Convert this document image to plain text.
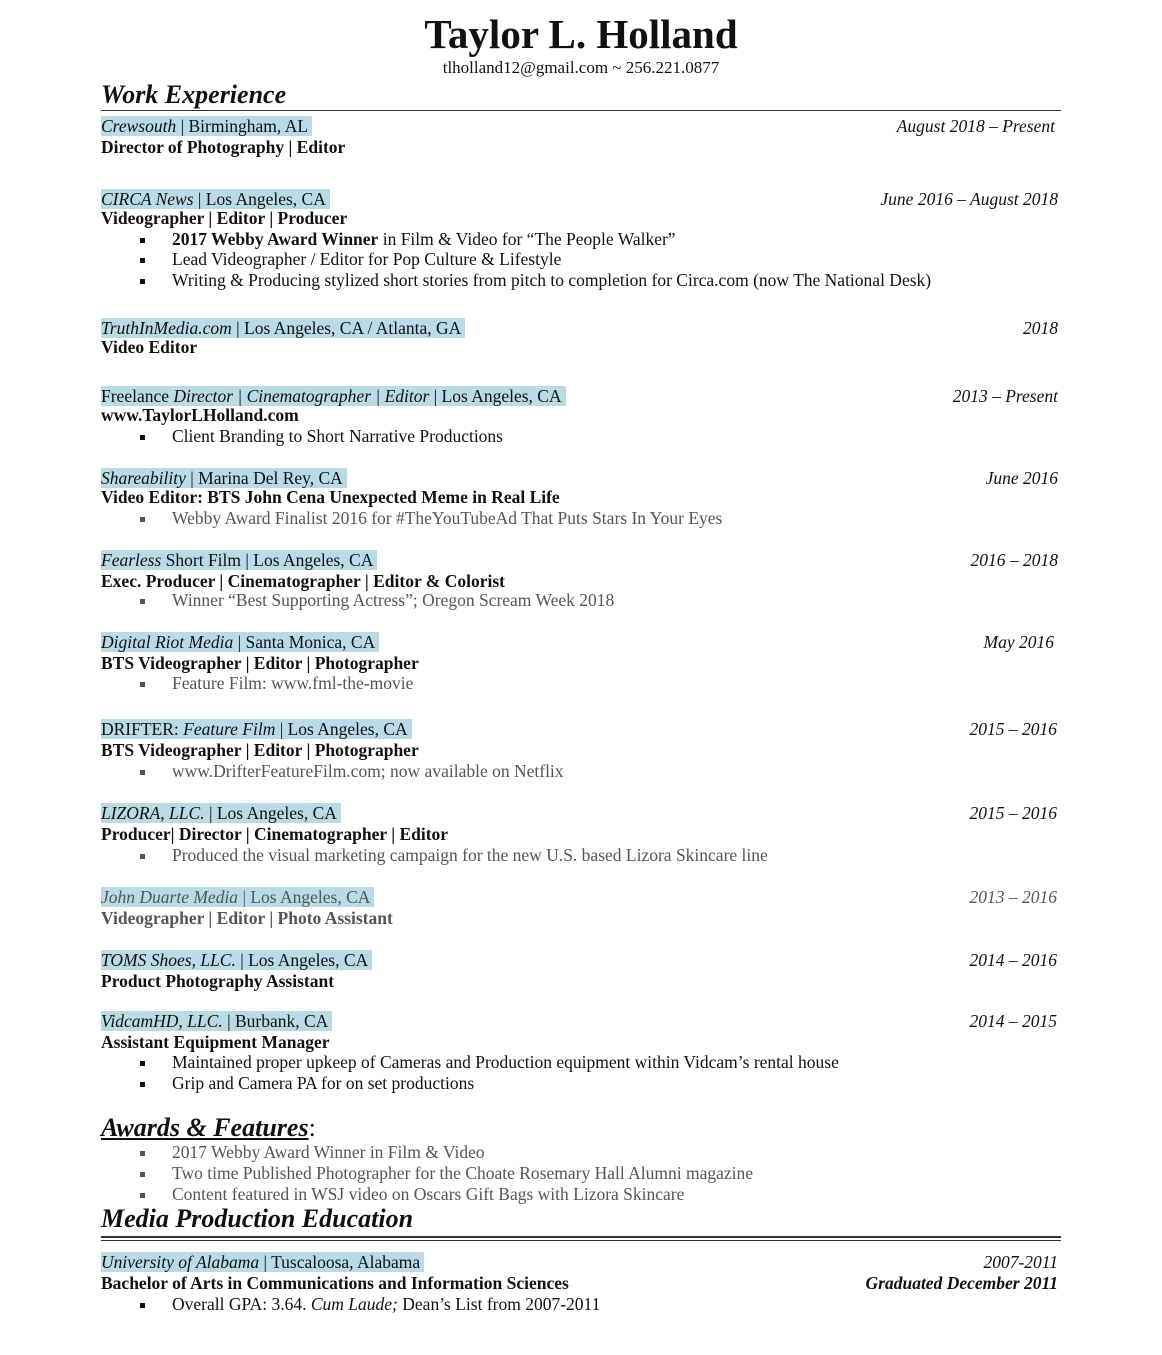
Taylor L. Holland
tlholland12@gmail.com ~ 256.221.0877
Work Experience
Crewsouth | Birmingham, AL	August 2018 – Present
Director of Photography | Editor
CIRCA News | Los Angeles, CA	June 2016 – August 2018
Videographer | Editor | Producer
2017 Webby Award Winner in Film & Video for “The People Walker”
Lead Videographer / Editor for Pop Culture & Lifestyle
Writing & Producing stylized short stories from pitch to completion for Circa.com (now The National Desk)
TruthInMedia.com | Los Angeles, CA / Atlanta, GA	2018
Video Editor
Freelance Director | Cinematographer | Editor | Los Angeles, CA	2013 – Present
www.TaylorLHolland.com
Client Branding to Short Narrative Productions
Shareability | Marina Del Rey, CA	June 2016
Video Editor: BTS John Cena Unexpected Meme in Real Life
Webby Award Finalist 2016 for #TheYouTubeAd That Puts Stars In Your Eyes
Fearless Short Film | Los Angeles, CA	2016 – 2018
Exec. Producer | Cinematographer | Editor & Colorist
Winner “Best Supporting Actress”; Oregon Scream Week 2018
Digital Riot Media | Santa Monica, CA	May 2016
BTS Videographer | Editor | Photographer
Feature Film: www.fml-the-movie
DRIFTER: Feature Film | Los Angeles, CA	2015 – 2016
BTS Videographer | Editor | Photographer
www.DrifterFeatureFilm.com; now available on Netflix
LIZORA, LLC. | Los Angeles, CA	2015 – 2016
Producer| Director | Cinematographer | Editor
Produced the visual marketing campaign for the new U.S. based Lizora Skincare line
John Duarte Media | Los Angeles, CA	2013 – 2016
Videographer | Editor | Photo Assistant
TOMS Shoes, LLC. | Los Angeles, CA	2014 – 2016
Product Photography Assistant
VidcamHD, LLC. | Burbank, CA	2014 – 2015
Assistant Equipment Manager
Maintained proper upkeep of Cameras and Production equipment within Vidcam’s rental house
Grip and Camera PA for on set productions
Awards & Features:
2017 Webby Award Winner in Film & Video
Two time Published Photographer for the Choate Rosemary Hall Alumni magazine
Content featured in WSJ video on Oscars Gift Bags with Lizora Skincare
Media Production Education
University of Alabama | Tuscaloosa, Alabama	2007-2011
Bachelor of Arts in Communications and Information Sciences	Graduated December 2011
Overall GPA: 3.64. Cum Laude; Dean’s List from 2007-2011
